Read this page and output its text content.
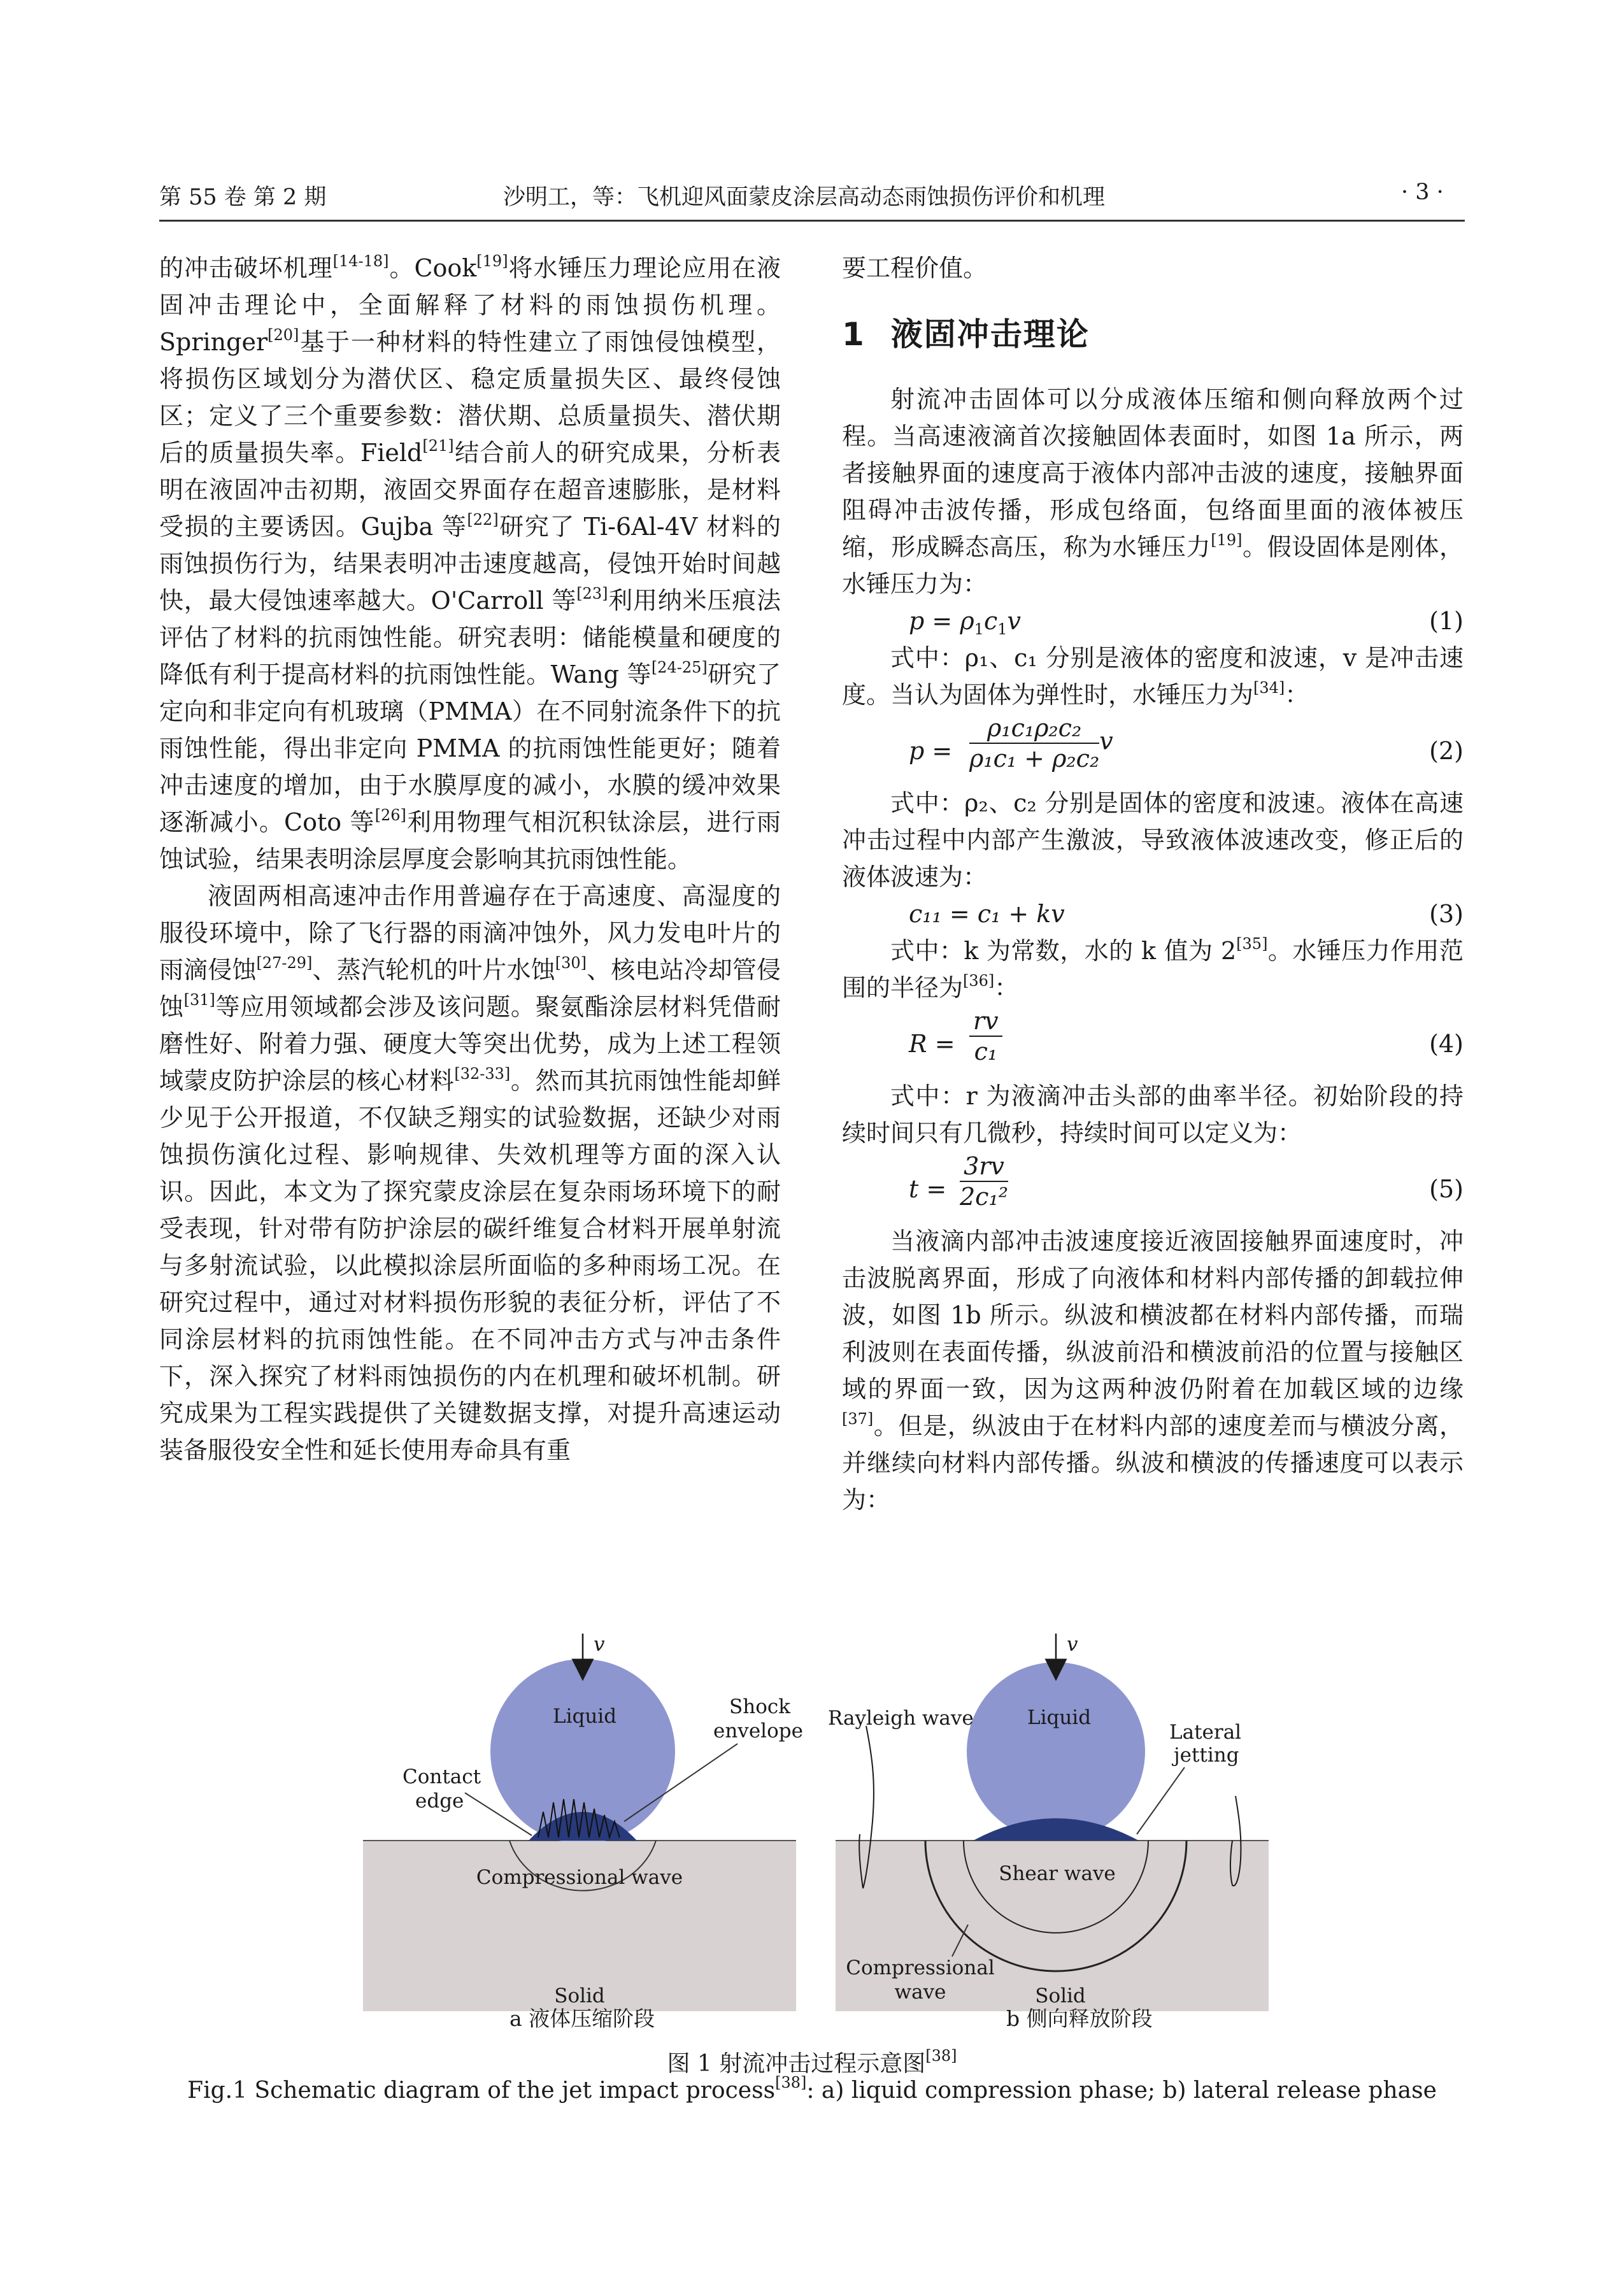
第 55 卷 第 2 期	沙明工，等：飞机迎风面蒙皮涂层高动态雨蚀损伤评价和机理	· 3 ·

的冲击破坏机理[14-18]。Cook[19]将水锤压力理论应用在液固冲击理论中，全面解释了材料的雨蚀损伤机理。Springer[20]基于一种材料的特性建立了雨蚀侵蚀模型，将损伤区域划分为潜伏区、稳定质量损失区、最终侵蚀区；定义了三个重要参数：潜伏期、总质量损失、潜伏期后的质量损失率。Field[21]结合前人的研究成果，分析表明在液固冲击初期，液固交界面存在超音速膨胀，是材料受损的主要诱因。Gujba 等[22]研究了 Ti-6Al-4V 材料的雨蚀损伤行为，结果表明冲击速度越高，侵蚀开始时间越快，最大侵蚀速率越大。O'Carroll 等[23]利用纳米压痕法评估了材料的抗雨蚀性能。研究表明：储能模量和硬度的降低有利于提高材料的抗雨蚀性能。Wang 等[24-25]研究了定向和非定向有机玻璃（PMMA）在不同射流条件下的抗雨蚀性能，得出非定向 PMMA 的抗雨蚀性能更好；随着冲击速度的增加，由于水膜厚度的减小，水膜的缓冲效果逐渐减小。Coto 等[26]利用物理气相沉积钛涂层，进行雨蚀试验，结果表明涂层厚度会影响其抗雨蚀性能。

液固两相高速冲击作用普遍存在于高速度、高湿度的服役环境中，除了飞行器的雨滴冲蚀外，风力发电叶片的雨滴侵蚀[27-29]、蒸汽轮机的叶片水蚀[30]、核电站冷却管侵蚀[31]等应用领域都会涉及该问题。聚氨酯涂层材料凭借耐磨性好、附着力强、硬度大等突出优势，成为上述工程领域蒙皮防护涂层的核心材料[32-33]。然而其抗雨蚀性能却鲜少见于公开报道，不仅缺乏翔实的试验数据，还缺少对雨蚀损伤演化过程、影响规律、失效机理等方面的深入认识。因此，本文为了探究蒙皮涂层在复杂雨场环境下的耐受表现，针对带有防护涂层的碳纤维复合材料开展单射流与多射流试验，以此模拟涂层所面临的多种雨场工况。在研究过程中，通过对材料损伤形貌的表征分析，评估了不同涂层材料的抗雨蚀性能。在不同冲击方式与冲击条件下，深入探究了材料雨蚀损伤的内在机理和破坏机制。研究成果为工程实践提供了关键数据支撑，对提升高速运动装备服役安全性和延长使用寿命具有重

要工程价值。

1 液固冲击理论

射流冲击固体可以分成液体压缩和侧向释放两个过程。当高速液滴首次接触固体表面时，如图 1a 所示，两者接触界面的速度高于液体内部冲击波的速度，接触界面阻碍冲击波传播，形成包络面，包络面里面的液体被压缩，形成瞬态高压，称为水锤压力[19]。假设固体是刚体，水锤压力为：

$p = \rho_1c_1v$	(1)

式中：ρ₁、c₁ 分别是液体的密度和波速，v 是冲击速度。当认为固体为弹性时，水锤压力为[34]：

$p = \frac{\text{ρ₁c₁ρ₂c₂}}{\text{ρ₁c₁ + ρ₂c₂}}$ v	(2)

式中：ρ₂、c₂ 分别是固体的密度和波速。液体在高速冲击过程中内部产生激波，导致液体波速改变，修正后的液体波速为：

c₁₁ = c₁ + kv	(3)

式中：k 为常数，水的 k 值为 2[35]。水锤压力作用范围的半径为[36]：

$R = \frac{rv}{\text{c₁}}$	(4)

式中：r 为液滴冲击头部的曲率半径。初始阶段的持续时间只有几微秒，持续时间可以定义为：

$t = \frac{3rv}{\text{2c₁²}}$	(5)

当液滴内部冲击波速度接近液固接触界面速度时，冲击波脱离界面，形成了向液体和材料内部传播的卸载拉伸波，如图 1b 所示。纵波和横波都在材料内部传播，而瑞利波则在表面传播，纵波前沿和横波前沿的位置与接触区域的界面一致，因为这两种波仍附着在加载区域的边缘[37]。但是，纵波由于在材料内部的速度差而与横波分离，并继续向材料内部传播。纵波和横波的传播速度可以表示为：

v
Liquid	Shock
envelope
Contact
edge
Compressional wave
Solid
v
Liquid
Rayleigh wave
Lateral
jetting
Shear wave
Compressional
wave	Solid
a 液体压缩阶段	b 侧向释放阶段
图 1 射流冲击过程示意图[38]
Fig.1 Schematic diagram of the jet impact process[38]: a) liquid compression phase; b) lateral release phase
